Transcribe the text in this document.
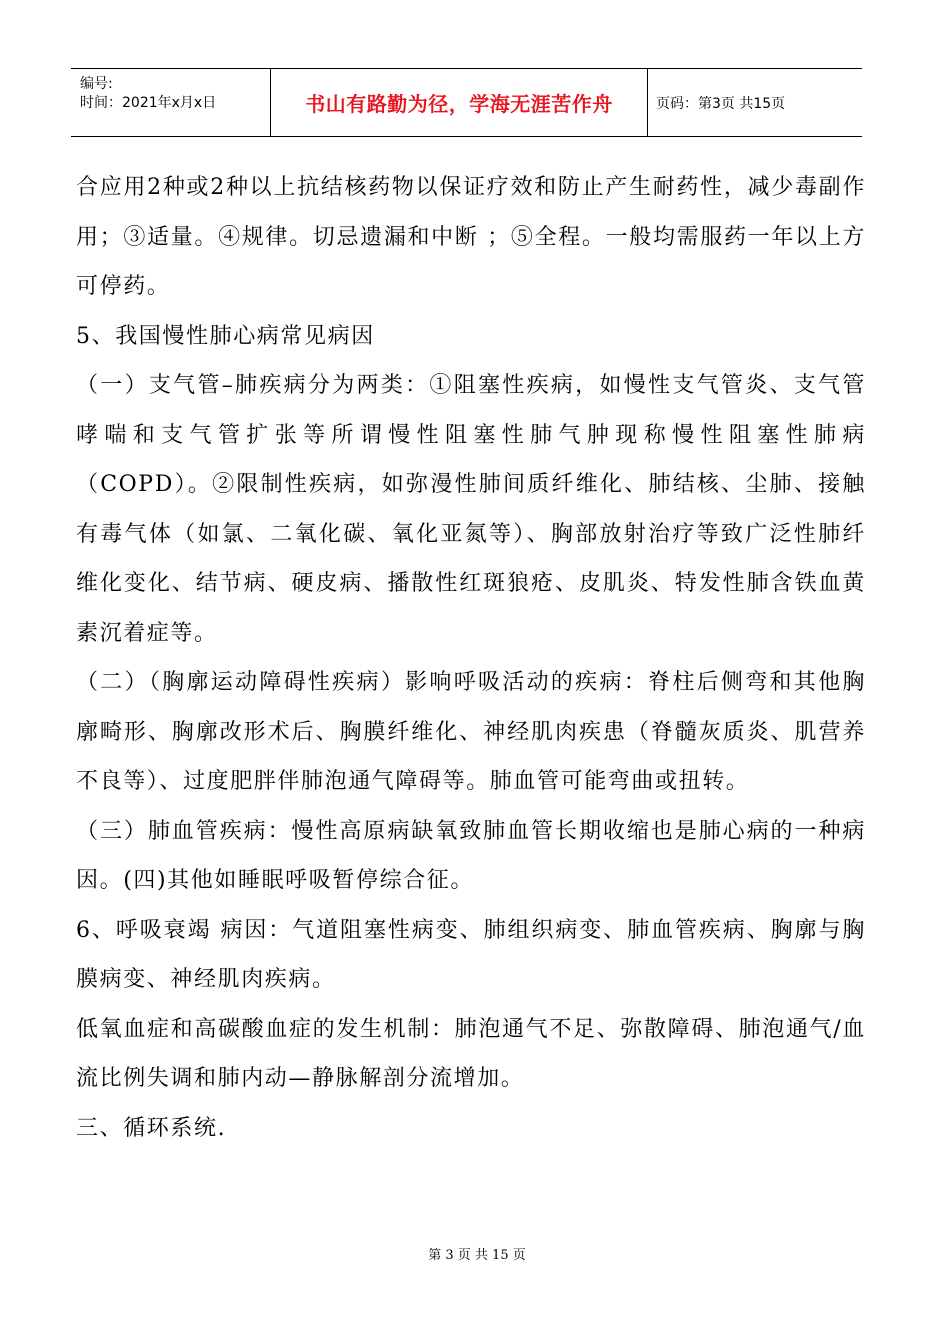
编号:
时间：2021年x月x日	书山有路勤为径，学海无涯苦作舟	页码：第3页 共15页

合应用2种或2种以上抗结核药物以保证疗效和防止产生耐药性，减少毒副作用；③适量。④规律。切忌遗漏和中断 ；⑤全程。一般均需服药一年以上方可停药。

5、我国慢性肺心病常见病因

（一）支气管–肺疾病分为两类：①阻塞性疾病，如慢性支气管炎、支气管哮喘和支气管扩张等所谓慢性阻塞性肺气肿现称慢性阻塞性肺病（COPD）。②限制性疾病，如弥漫性肺间质纤维化、肺结核、尘肺、接触有毒气体（如氯、二氧化碳、氧化亚氮等）、胸部放射治疗等致广泛性肺纤维化变化、结节病、硬皮病、播散性红斑狼疮、皮肌炎、特发性肺含铁血黄素沉着症等。

（二）（胸廓运动障碍性疾病）影响呼吸活动的疾病：脊柱后侧弯和其他胸廓畸形、胸廓改形术后、胸膜纤维化、神经肌肉疾患（脊髓灰质炎、肌营养不良等）、过度肥胖伴肺泡通气障碍等。肺血管可能弯曲或扭转。

（三）肺血管疾病：慢性高原病缺氧致肺血管长期收缩也是肺心病的一种病因。(四)其他如睡眠呼吸暂停综合征。

6、呼吸衰竭 病因：气道阻塞性病变、肺组织病变、肺血管疾病、胸廓与胸膜病变、神经肌肉疾病。

低氧血症和高碳酸血症的发生机制：肺泡通气不足、弥散障碍、肺泡通气/血流比例失调和肺内动—静脉解剖分流增加。

三、循环系统.

第 3 页 共 15 页
